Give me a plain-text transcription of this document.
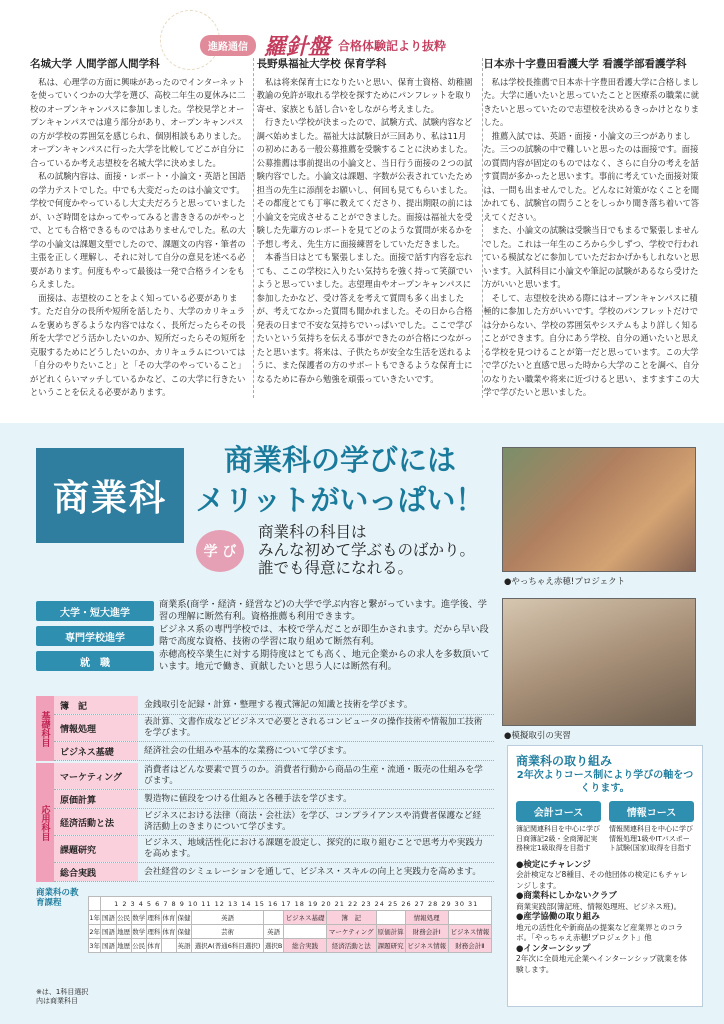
進路通信 羅針盤 合格体験記より抜粋
名城大学 人間学部人間学科

私は、心理学の方面に興味があったのでインターネットを使っていくつかの大学を選び、高校二年生の夏休みに二校のオープンキャンパスに参加しました。学校見学とオープンキャンパスでは違う部分があり、オープンキャンパスの方が学校の雰囲気を感じられ、個別相談もありました。オープンキャンパスに行った大学を比較してどこが自分に合っているか考え志望校を名城大学に決めました。

私の試験内容は、面接・レポート・小論文・英語と国語の学力テストでした。中でも大変だったのは小論文です。学校で何度かやっているし大丈夫だろうと思っていましたが、いざ時間をはかってやってみると書ききるのがやっとで、とても合格できるものではありませんでした。私の大学の小論文は課題文型でしたので、課題文の内容・筆者の主張を正しく理解し、それに対して自分の意見を述べる必要があります。何度もやって最後は一発で合格ラインをもらえました。

面接は、志望校のことをよく知っている必要があります。ただ自分の長所や短所を話したり、大学のカリキュラムを褒めちぎるような内容ではなく、長所だったらその長所を大学でどう活かしたいのか、短所だったらその短所を克服するためにどうしたいのか、カリキュラムについては「自分のやりたいこと」と「その大学のやっていること」がどれくらいマッチしているかなど、この大学に行きたいということを伝える必要があります。

長野県福祉大学校 保育学科

私は将来保育士になりたいと思い、保育士資格、幼稚園教諭の免許が取れる学校を探すためにパンフレットを取り寄せ、家族とも話し合いをしながら考えました。

行きたい学校が決まったので、試験方式、試験内容など調べ始めました。福祉大は試験日が三回あり、私は11月の初めにある一般公募推薦を受験することに決めました。公募推薦は事前提出の小論文と、当日行う面接の２つの試験内容でした。小論文は課題、字数が公表されていたため担当の先生に添削をお願いし、何回も見てもらいました。その都度とても丁寧に教えてくださり、提出期限の前には小論文を完成させることができました。面接は福祉大を受験した先輩方のレポートを見てどのような質問が来るかを予想し考え、先生方に面接練習をしていただきました。

本番当日はとても緊張しました。面接で話す内容を忘れても、ここの学校に入りたい気持ちを強く持って笑顔でいようと思っていました。志望理由やオープンキャンパスに参加したかなど、受け答えを考えて質問も多く出ましたが、考えてなかった質問も聞かれました。その日から合格発表の日まで不安な気持ちでいっぱいでした。ここで学びたいという気持ちを伝える事ができたのが合格につながったと思います。将来は、子供たちが安全な生活を送れるように、また保護者の方のサポートもできるような保育士になるために春から勉強を頑張っていきたいです。

日本赤十字豊田看護大学 看護学部看護学科

私は学校長推薦で日本赤十字豊田看護大学に合格しました。大学に通いたいと思っていたことと医療系の職業に就きたいと思っていたので志望校を決めるきっかけとなりました。

推薦入試では、英語・面接・小論文の三つがありました。三つの試験の中で難しいと思ったのは面接です。面接の質問内容が固定のものではなく、さらに自分の考えを話す質問が多かったと思います。事前に考えていた面接対策は、一問も出ませんでした。どんなに対策がなくことを聞かれても、試験官の問うことをしっかり聞き落ち着いて答えてください。

また、小論文の試験は受験当日でもまるで緊張しませんでした。これは一年生のころから少しずつ、学校で行われている模試などに参加していただおかげかもしれないと思います。入試科目に小論文や筆記の試験があるなら受けた方がいいと思います。

そして、志望校を決める際にはオープンキャンパスに積極的に参加した方がいいです。学校のパンフレットだけでは分からない、学校の雰囲気やシステムもより詳しく知ることができます。自分にあう学校、自分の通いたいと思える学校を見つけることが第一だと思っています。この大学で学びたいと直感で思った時から大学のことを調べ、自分のなりたい職業や将来に近づけると思い、ますますこの大学で学びたいと思いました。

商業科
商業科の学びには
メリットがいっぱい！
学 び
商業科の科目は
みんな初めて学ぶものばかり。
誰でも得意になれる。
●やっちゃえ赤穂!プロジェクト
●模擬取引の実習
大学・短大進学
商業系(商学・経済・経営など)の大学で学ぶ内容と繋がっています。進学後、学習の理解に断然有利。資格推薦も利用できます。
専門学校進学
ビジネス系の専門学校では、本校で学んだことが即生かされます。だから早い段階で高度な資格、技術の学習に取り組めて断然有利。
就　職
赤穂高校卒業生に対する期待度はとても高く、地元企業からの求人を多数頂いています。地元で働き、貢献したいと思う人には断然有利。
基礎科目
簿　記	金銭取引を記録・計算・整理する複式簿記の知識と技術を学びます。
情報処理
表計算、文書作成などビジネスで必要とされるコンピュータの操作技術や情報加工技術を学びます。
ビジネス基礎	経済社会の仕組みや基本的な業務について学びます。
応用科目
マーケティング
消費者はどんな要素で買うのか。消費者行動から商品の生産・流通・販売の仕組みを学びます。
原価計算	製造物に値段をつける仕組みと各種手法を学びます。
経済活動と法
ビジネスにおける法律（商法・会社法）を学び、コンプライアンスや消費者保護など経済活動上のきまりについて学びます。
課題研究
ビジネス、地域活性化における課題を設定し、探究的に取り組むことで思考力や実践力を高めます。
総合実践	会社経営のシミュレーションを通して、ビジネス・スキルの向上と実践力を高めます。
商業科の教育課程
		1 2 3 4 5 6 7 8 9 10 11 12 13 14 15 16 17 18 19 20 21 22 23 24 25 26 27 28 29 30 31												
1年	国語	公民	数学	理科	体育	保健	英語		ビジネス基礎	簿　記		情報処理	
2年	国語	地歴	数学	理科	体育	保健	芸術	英語		マーケティング	原価計算	財務会計Ⅰ	ビジネス情報
3年	国語	地歴	公民	体育		英語	選択A(普通6科目選択)	選択B	総合実践	経済活動と法	課題研究	ビジネス情報	財務会計Ⅱ
※は、1科目選択
内は商業科目
商業科の取り組み
2年次よりコース制により学びの軸をつくります。
会計コース
簿記関連科目を中心に学び日商簿記2級・全商簿記実務検定1級取得を目指す
情報コース
情報関連科目を中心に学び情報処理1級やITパスポート試験(国家)取得を目指す
●検定にチャレンジ
会計検定など8種目、その他団体の検定にもチャレンジします。
●商業科にしかないクラブ
商業実践部(簿記班、情報処理班、ビジネス班)。
●産学協働の取り組み
地元の活性化や新商品の提案など産業界とのコラボ。「やっちゃえ赤穂!プロジェクト」他
●インターンシップ
2年次に全員地元企業へインターンシップ就業を体験します。
